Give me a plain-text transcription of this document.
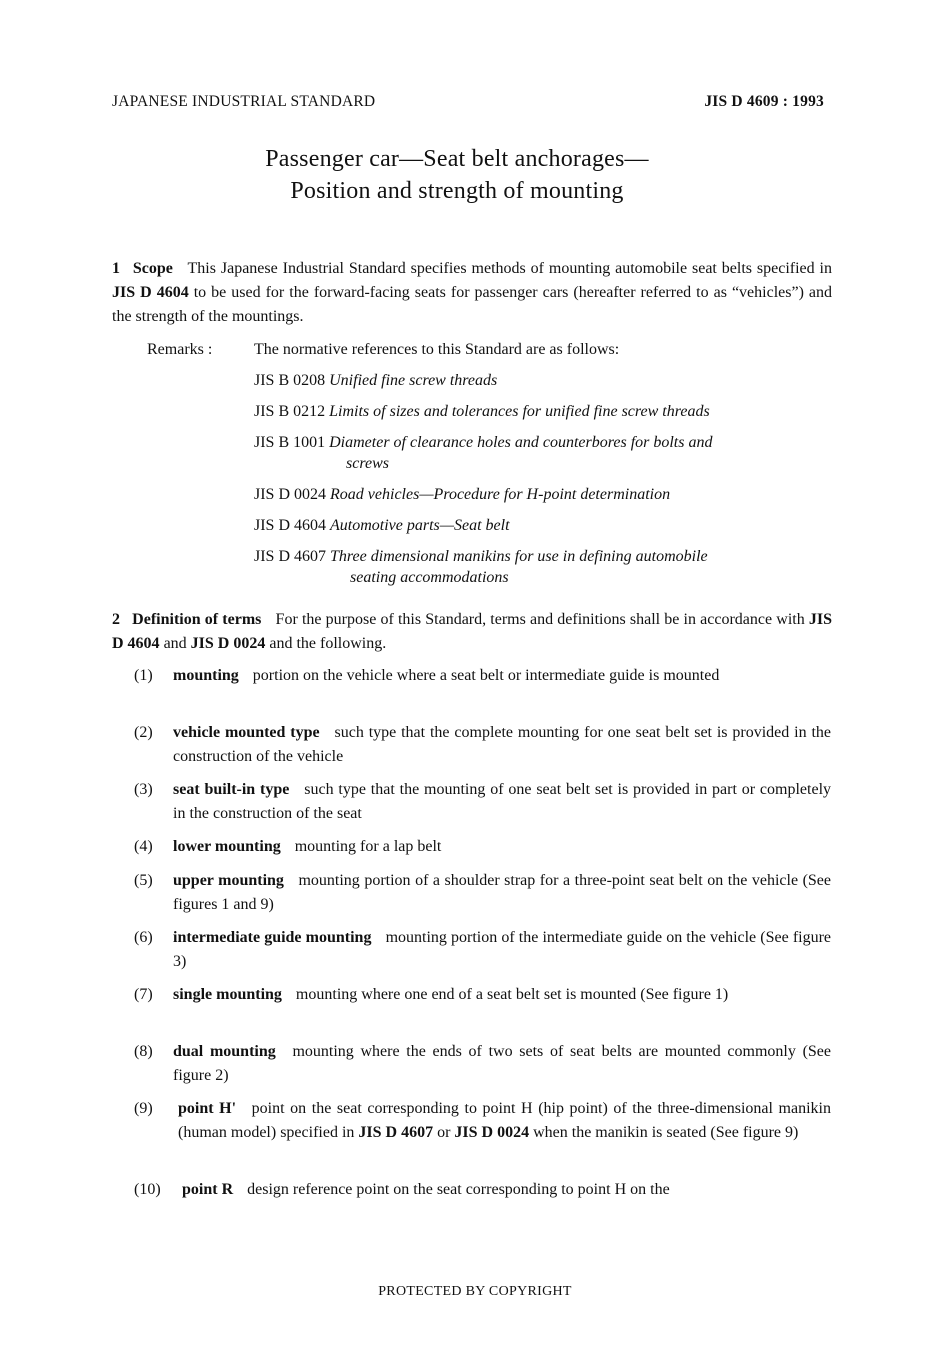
JAPANESE INDUSTRIAL STANDARD	JIS D 4609 : 1993
Passenger car—Seat belt anchorages—
Position and strength of mounting
1 Scope This Japanese Industrial Standard specifies methods of mounting automobile seat belts specified in JIS D 4604 to be used for the forward-facing seats for passenger cars (hereafter referred to as “vehicles”) and the strength of the mountings.
Remarks :	The normative references to this Standard are as follows:
JIS B 0208 Unified fine screw threads
JIS B 0212 Limits of sizes and tolerances for unified fine screw threads
JIS B 1001 Diameter of clearance holes and counterbores for bolts and
screws
JIS D 0024 Road vehicles—Procedure for H-point determination
JIS D 4604 Automotive parts—Seat belt
JIS D 4607 Three dimensional manikins for use in defining automobile
seating accommodations
2 Definition of terms For the purpose of this Standard, terms and definitions shall be in accordance with JIS D 4604 and JIS D 0024 and the following.
(1) mounting portion on the vehicle where a seat belt or intermediate guide is mounted
(2) vehicle mounted type such type that the complete mounting for one seat belt set is provided in the construction of the vehicle
(3) seat built-in type such type that the mounting of one seat belt set is provided in part or completely in the construction of the seat
(4) lower mounting mounting for a lap belt
(5) upper mounting mounting portion of a shoulder strap for a three-point seat belt on the vehicle (See figures 1 and 9)
(6) intermediate guide mounting mounting portion of the intermediate guide on the vehicle (See figure 3)
(7) single mounting mounting where one end of a seat belt set is mounted (See figure 1)
(8) dual mounting mounting where the ends of two sets of seat belts are mounted commonly (See figure 2)
(9) point H' point on the seat corresponding to point H (hip point) of the three-dimensional manikin (human model) specified in JIS D 4607 or JIS D 0024 when the manikin is seated (See figure 9)
(10) point R design reference point on the seat corresponding to point H on the
PROTECTED BY COPYRIGHT
